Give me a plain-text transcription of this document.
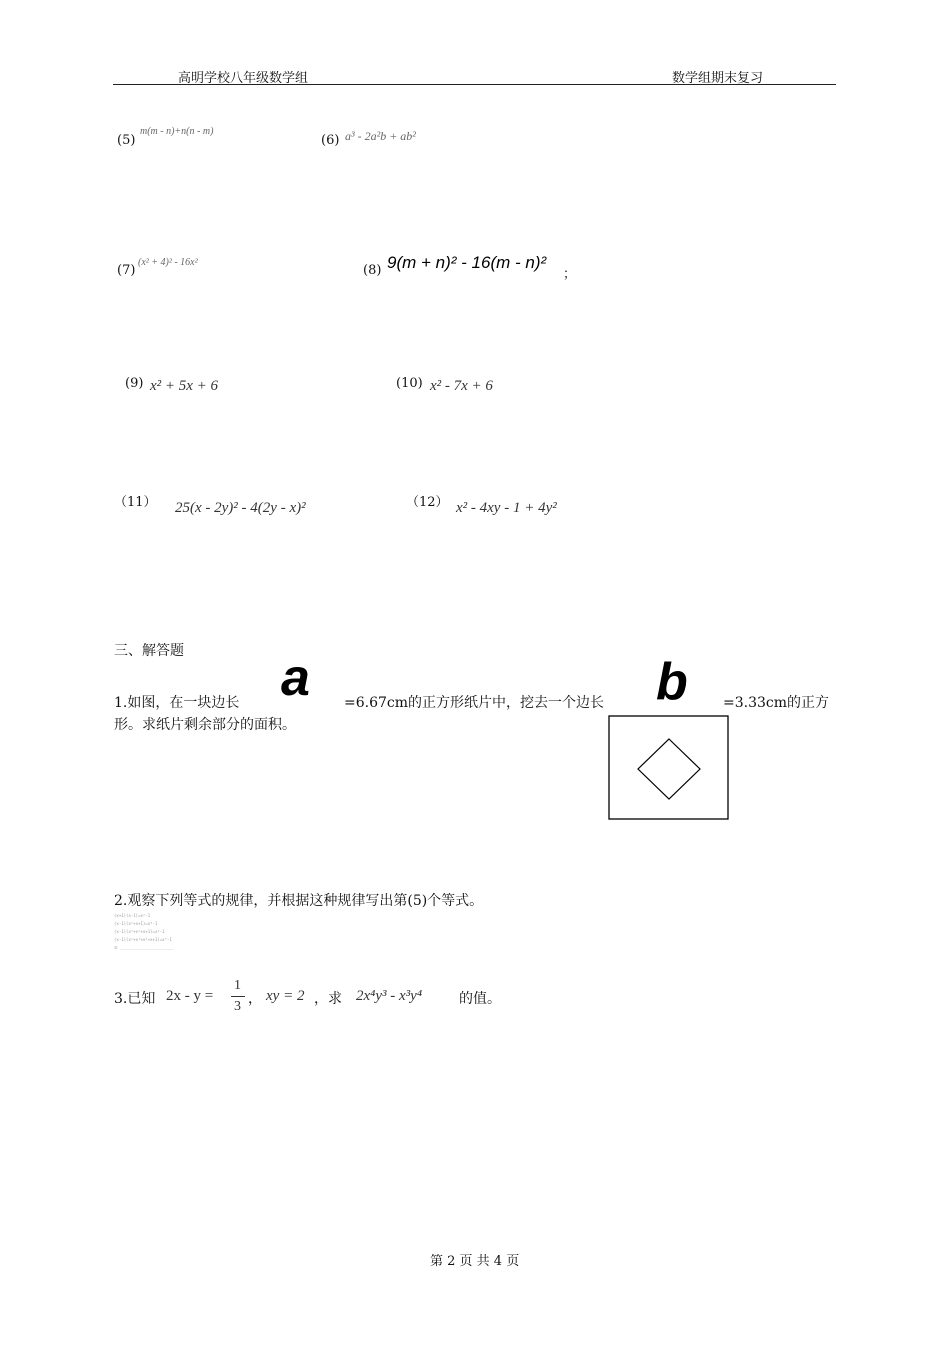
高明学校八年级数学组	数学组期末复习
(5)
m(m - n)+n(n - m)
(6) a³ - 2a²b + ab²
(7)
(x² + 4)² - 16x²
(8) 9(m + n)² - 16(m - n)²
；
(9) x² + 5x + 6	(10) x² - 7x + 6
（11） 25(x - 2y)² - 4(2y - x)²	（12） x² - 4xy - 1 + 4y²
三、解答题
1.如图，在一块边长 a =6.67cm的正方形纸片中，挖去一个边长 b	=3.33cm的正方
形。求纸片剩余部分的面积。
2.观察下列等式的规律，并根据这种规律写出第(5)个等式。
(x+1)(x-1)=x²-1
(x-1)(x²+x+1)=x³-1
(x-1)(x³+x²+x+1)=x⁴-1
(x-1)(x⁴+x³+x²+x+1)=x⁵-1
⑤ ______________________
3.已知 2x - y =
1
3 ， xy = 2 ，求 2x⁴y³ - x³y⁴	的值。
第 2 页 共 4 页
